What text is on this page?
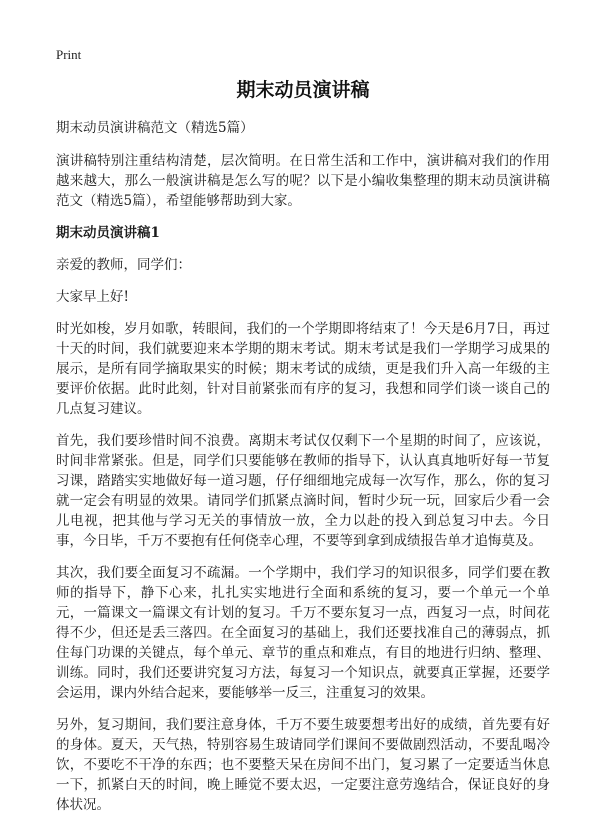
Print
期末动员演讲稿
期末动员演讲稿范文（精选5篇）

演讲稿特别注重结构清楚，层次简明。在日常生活和工作中，演讲稿对我们的作用越来越大，那么一般演讲稿是怎么写的呢？以下是小编收集整理的期末动员演讲稿范文（精选5篇），希望能够帮助到大家。

期末动员演讲稿1

亲爱的教师，同学们：

大家早上好!

时光如梭，岁月如歌，转眼间，我们的一个学期即将结束了！今天是6月7日，再过十天的时间，我们就要迎来本学期的期末考试。期末考试是我们一学期学习成果的展示，是所有同学摘取果实的时候；期末考试的成绩，更是我们升入高一年级的主要评价依据。此时此刻，针对目前紧张而有序的复习，我想和同学们谈一谈自己的几点复习建议。

首先，我们要珍惜时间不浪费。离期末考试仅仅剩下一个星期的时间了，应该说，时间非常紧张。但是，同学们只要能够在教师的指导下，认认真真地听好每一节复习课，踏踏实实地做好每一道习题，仔仔细细地完成每一次写作，那么，你的复习就一定会有明显的效果。请同学们抓紧点滴时间，暂时少玩一玩，回家后少看一会儿电视，把其他与学习无关的事情放一放，全力以赴的投入到总复习中去。今日事，今日毕，千万不要抱有任何侥幸心理，不要等到拿到成绩报告单才追悔莫及。

其次，我们要全面复习不疏漏。一个学期中，我们学习的知识很多，同学们要在教师的指导下，静下心来，扎扎实实地进行全面和系统的复习，要一个单元一个单元，一篇课文一篇课文有计划的复习。千万不要东复习一点，西复习一点，时间花得不少，但还是丢三落四。在全面复习的基础上，我们还要找准自己的薄弱点，抓住每门功课的关键点，每个单元、章节的重点和难点，有目的地进行归纳、整理、训练。同时，我们还要讲究复习方法，每复习一个知识点，就要真正掌握，还要学会运用，课内外结合起来，要能够举一反三，注重复习的效果。

另外，复习期间，我们要注意身体，千万不要生玻要想考出好的成绩，首先要有好的身体。夏天，天气热，特别容易生玻请同学们课间不要做剧烈活动，不要乱喝冷饮，不要吃不干净的东西；也不要整天呆在房间不出门，复习累了一定要适当休息一下，抓紧白天的时间，晚上睡觉不要太迟，一定要注意劳逸结合，保证良好的身体状况。
